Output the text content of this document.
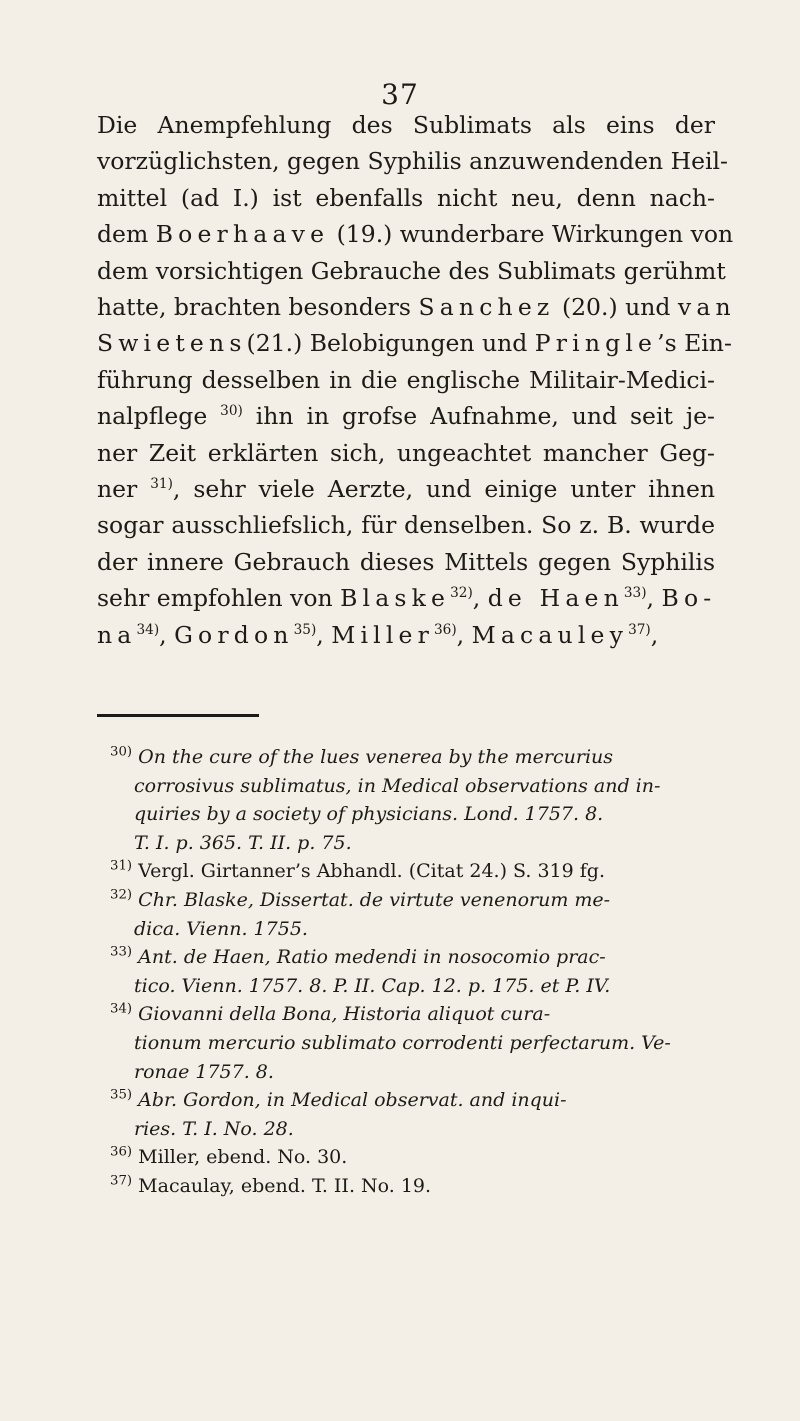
37
Die Anempfehlung des Sublimats als eins der
vorzüglichsten, gegen Syphilis anzuwendenden Heil-
mittel (ad I.) ist ebenfalls nicht neu, denn nach-
dem Boerhaave (19.) wunderbare Wirkungen von
dem vorsichtigen Gebrauche des Sublimats gerühmt
hatte, brachten besonders Sanchez (20.) und van
Swietens(21.) Belobigungen und Pringle’s Ein-
führung desselben in die englische Militair-Medici-
nalpflege $^{30)}$ ihn in grofse Aufnahme, und seit je-
ner Zeit erklärten sich, ungeachtet mancher Geg-
ner $^{31)}$, sehr viele Aerzte, und einige unter ihnen
sogar ausschliefslich, für denselben. So z. B. wurde
der innere Gebrauch dieses Mittels gegen Syphilis
sehr empfohlen von Blaske$^{32)}$, de Haen$^{33)}$, Bo-
$na^{34)}$, Gordon$^{35)}$, Miller$^{36)}$, Macauley$^{37)}$,
$^{30)}$ On the cure of the lues venerea by the mercurius
corrosivus sublimatus, in Medical observations and in-
quiries by a society of physicians. Lond. 1757. 8.
T. I. p. 365. T. II. p. 75.
$^{31)}$ Vergl. Girtanner’s Abhandl. (Citat 24.) S. 319 fg.
$^{32)}$ Chr. Blaske, Dissertat. de virtute venenorum me-
dica. Vienn. 1755.
$^{33)}$ Ant. de Haen, Ratio medendi in nosocomio prac-
tico. Vienn. 1757. 8. P. II. Cap. 12. p. 175. et P. IV.
$^{34)}$ Giovanni della Bona, Historia aliquot cura-
tionum mercurio sublimato corrodenti perfectarum. Ve-
ronae 1757. 8.
$^{35)}$ Abr. Gordon, in Medical observat. and inqui-
ries. T. I. No. 28.
$^{36)}$ Miller, ebend. No. 30.
$^{37)}$ Macaulay, ebend. T. II. No. 19.
